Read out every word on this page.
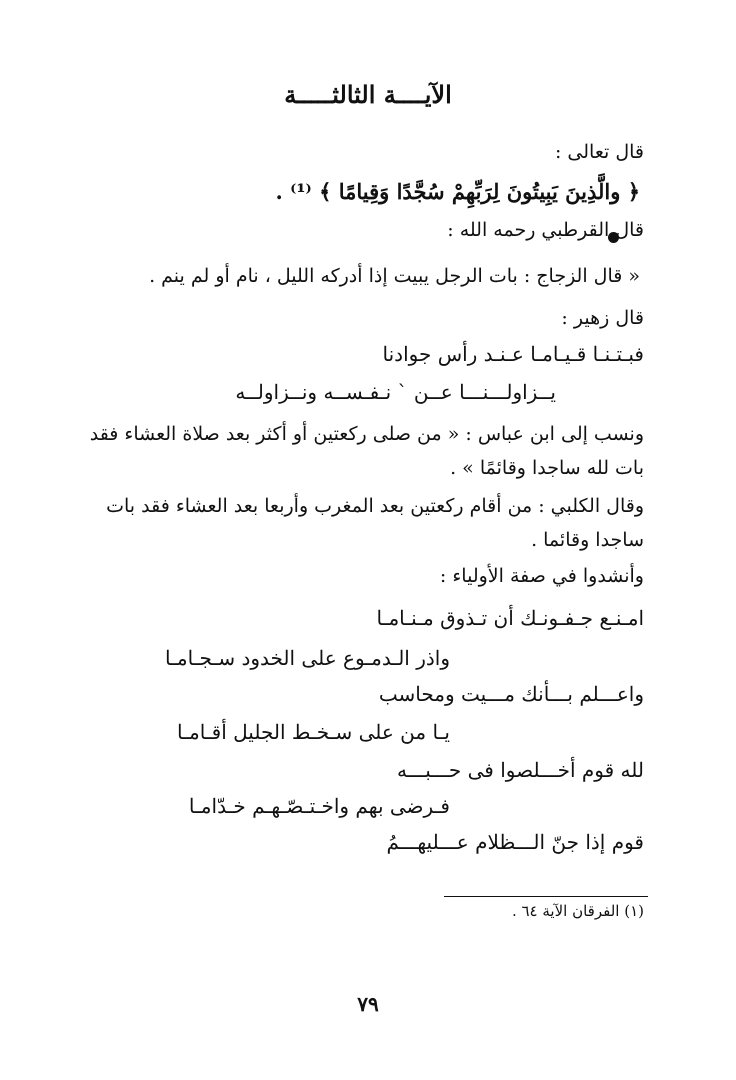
الآيــــة الثالثـــــة
قال تعالى :
﴿ والَّذِينَ يَبِيتُونَ لِرَبِّهِمْ سُجَّدًا وَقِيامًا ﴾ ⁽¹⁾ .
قال القرطبي رحمه الله :
« قال الزجاج : بات الرجل يبيت إذا أدركه الليل ، نام أو لم ينم .
قال زهير :
فبـتـنـا قـيـامـا عـنـد رأس جوادنا
يــزاولـــنـــا عــن ` نـفـســه ونــزاولــه
ونسب إلى ابن عباس : « من صلى ركعتين أو أكثر بعد صلاة العشاء فقد
بات لله ساجدا وقائمًا » .
وقال الكلبي : من أقام ركعتين بعد المغرب وأربعا بعد العشاء فقد بات
ساجدا وقائما .
وأنشدوا في صفة الأولياء :
امـنـع جـفـونـك أن تـذوق مـنـامـا
واذر الـدمـوع على الخدود سـجـامـا
واعـــلم بـــأنك مـــيت ومحاسب
يـا من على سـخـط الجليل أقـامـا
لله قوم أخـــلصوا فى حـــبـــه
فـرضى بهم واخـتـصّـهـم خـدّامـا
قوم إذا جنّ الـــظلام عـــليهـــمُ
(١) الفرقان الآية ٦٤ .
٧٩
